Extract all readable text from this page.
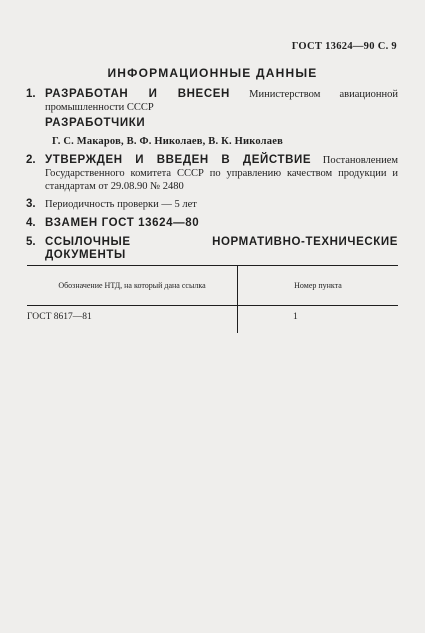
ГОСТ 13624—90 С. 9
ИНФОРМАЦИОННЫЕ ДАННЫЕ
1. РАЗРАБОТАН И ВНЕСЕН Министерством авиационной промышленности СССР
РАЗРАБОТЧИКИ
Г. С. Макаров, В. Ф. Николаев, В. К. Николаев
2. УТВЕРЖДЕН И ВВЕДЕН В ДЕЙСТВИЕ Постановлением Государственного комитета СССР по управлению качеством продукции и стандартам от 29.08.90 № 2480
3. Периодичность проверки — 5 лет
4. ВЗАМЕН ГОСТ 13624—80
5. ССЫЛОЧНЫЕ НОРМАТИВНО-ТЕХНИЧЕСКИЕ ДОКУМЕНТЫ
Обозначение НТД, на который дана ссылка	Номер пункта
ГОСТ 8617—81	1
